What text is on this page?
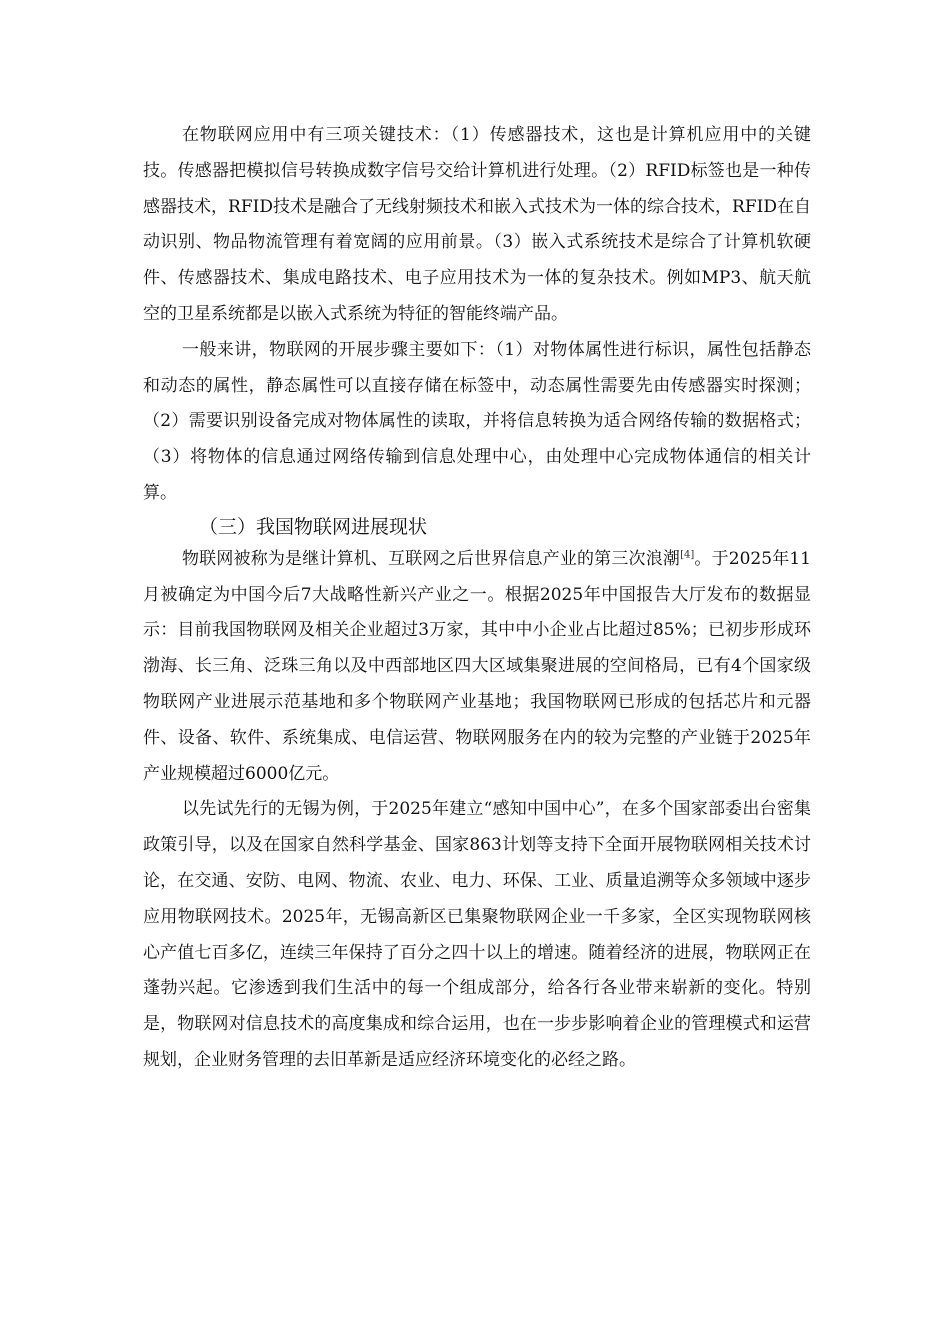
在物联网应用中有三项关键技术：（1）传感器技术，这也是计算机应用中的关键技。传感器把模拟信号转换成数字信号交给计算机进行处理。（2）RFID标签也是一种传感器技术，RFID技术是融合了无线射频技术和嵌入式技术为一体的综合技术，RFID在自动识别、物品物流管理有着宽阔的应用前景。（3）嵌入式系统技术是综合了计算机软硬件、传感器技术、集成电路技术、电子应用技术为一体的复杂技术。例如MP3、航天航空的卫星系统都是以嵌入式系统为特征的智能终端产品。

一般来讲，物联网的开展步骤主要如下：（1）对物体属性进行标识，属性包括静态和动态的属性，静态属性可以直接存储在标签中，动态属性需要先由传感器实时探测；（2）需要识别设备完成对物体属性的读取，并将信息转换为适合网络传输的数据格式；（3）将物体的信息通过网络传输到信息处理中心，由处理中心完成物体通信的相关计算。

（三）我国物联网进展现状

物联网被称为是继计算机、互联网之后世界信息产业的第三次浪潮[4]。于2025年11月被确定为中国今后7大战略性新兴产业之一。根据2025年中国报告大厅发布的数据显示：目前我国物联网及相关企业超过3万家，其中中小企业占比超过85%；已初步形成环渤海、长三角、泛珠三角以及中西部地区四大区域集聚进展的空间格局，已有4个国家级物联网产业进展示范基地和多个物联网产业基地；我国物联网已形成的包括芯片和元器件、设备、软件、系统集成、电信运营、物联网服务在内的较为完整的产业链于2025年产业规模超过6000亿元。

以先试先行的无锡为例，于2025年建立“感知中国中心”，在多个国家部委出台密集政策引导，以及在国家自然科学基金、国家863计划等支持下全面开展物联网相关技术讨论，在交通、安防、电网、物流、农业、电力、环保、工业、质量追溯等众多领域中逐步应用物联网技术。2025年，无锡高新区已集聚物联网企业一千多家，全区实现物联网核心产值七百多亿，连续三年保持了百分之四十以上的增速。随着经济的进展，物联网正在蓬勃兴起。它渗透到我们生活中的每一个组成部分，给各行各业带来崭新的变化。特别是，物联网对信息技术的高度集成和综合运用，也在一步步影响着企业的管理模式和运营规划，企业财务管理的去旧革新是适应经济环境变化的必经之路。
